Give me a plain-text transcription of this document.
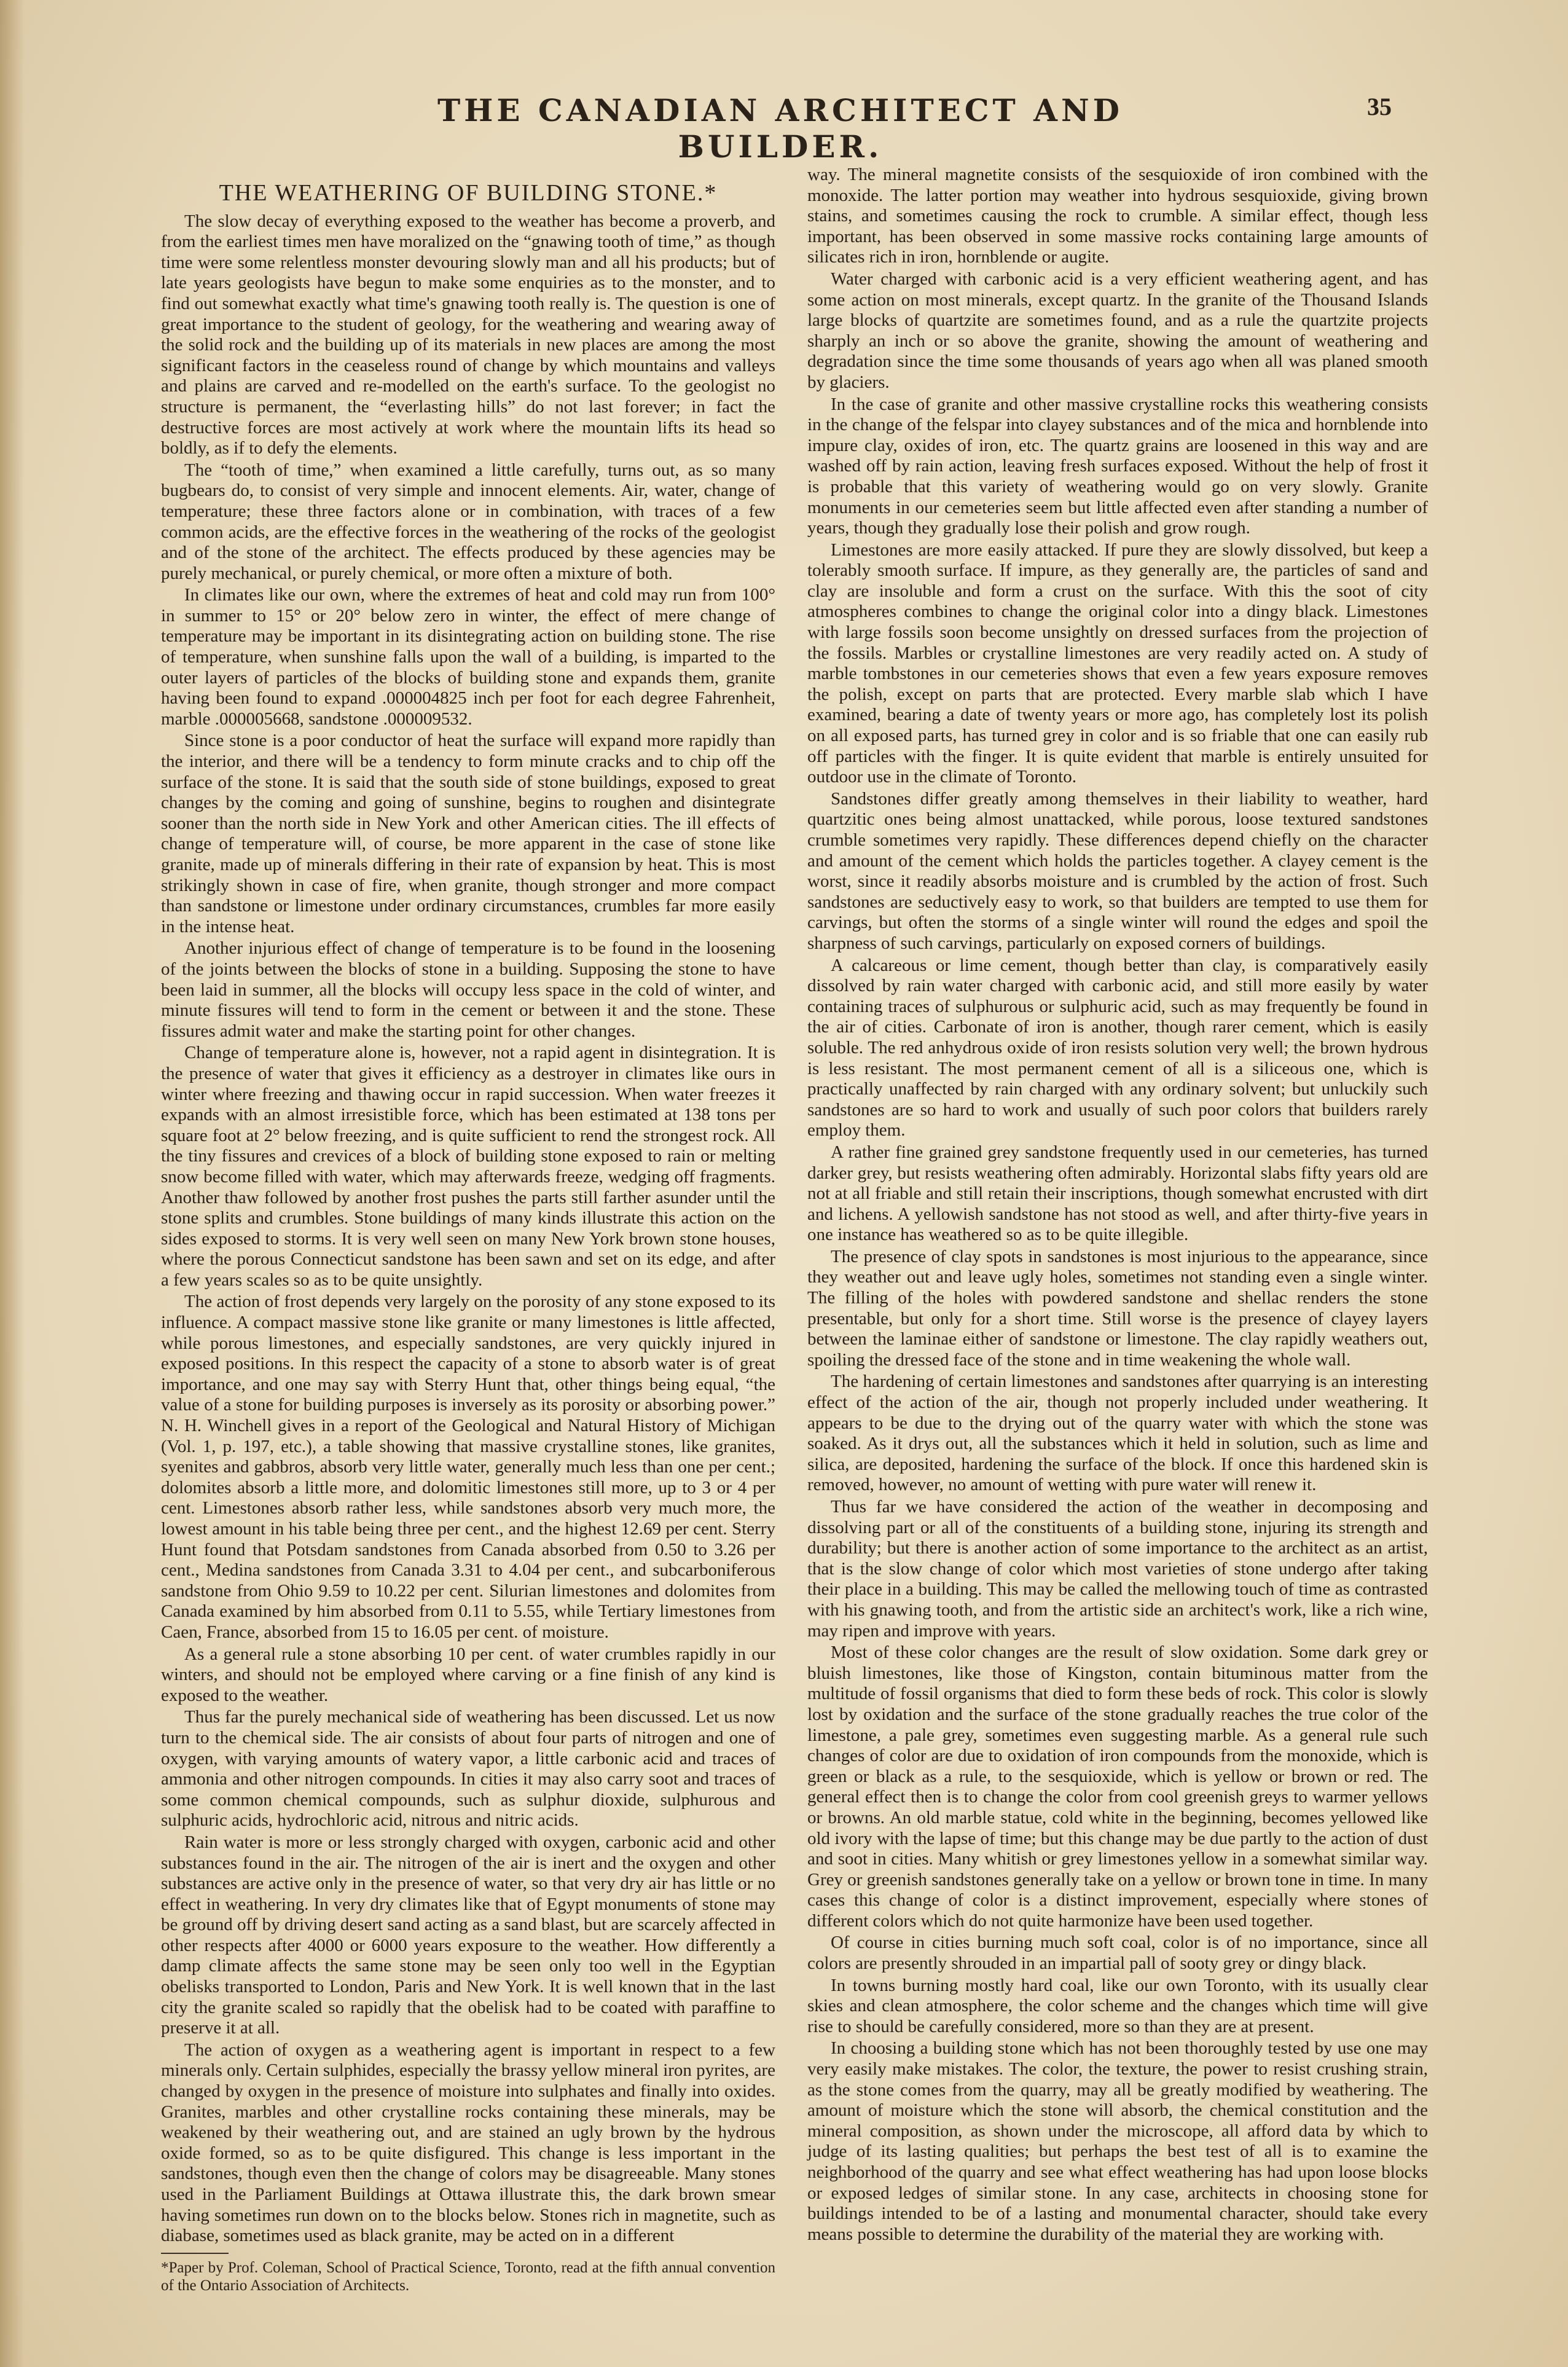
THE CANADIAN ARCHITECT AND BUILDER.
35
THE WEATHERING OF BUILDING STONE.*

The slow decay of everything exposed to the weather has become a proverb, and from the earliest times men have moralized on the “gnawing tooth of time,” as though time were some relentless monster devouring slowly man and all his products; but of late years geologists have begun to make some enquiries as to the monster, and to find out somewhat exactly what time's gnawing tooth really is. The question is one of great importance to the student of geology, for the weathering and wearing away of the solid rock and the building up of its materials in new places are among the most significant factors in the ceaseless round of change by which mountains and valleys and plains are carved and re-modelled on the earth's surface. To the geologist no structure is permanent, the “everlasting hills” do not last forever; in fact the destructive forces are most actively at work where the mountain lifts its head so boldly, as if to defy the elements.

The “tooth of time,” when examined a little carefully, turns out, as so many bugbears do, to consist of very simple and innocent elements. Air, water, change of temperature; these three factors alone or in combination, with traces of a few common acids, are the effective forces in the weathering of the rocks of the geologist and of the stone of the architect. The effects produced by these agencies may be purely mechanical, or purely chemical, or more often a mixture of both.

In climates like our own, where the extremes of heat and cold may run from 100° in summer to 15° or 20° below zero in winter, the effect of mere change of temperature may be important in its disintegrating action on building stone. The rise of temperature, when sunshine falls upon the wall of a building, is imparted to the outer layers of particles of the blocks of building stone and expands them, granite having been found to expand .000004825 inch per foot for each degree Fahrenheit, marble .000005668, sandstone .000009532.

Since stone is a poor conductor of heat the surface will expand more rapidly than the interior, and there will be a tendency to form minute cracks and to chip off the surface of the stone. It is said that the south side of stone buildings, exposed to great changes by the coming and going of sunshine, begins to roughen and disintegrate sooner than the north side in New York and other American cities. The ill effects of change of temperature will, of course, be more apparent in the case of stone like granite, made up of minerals differing in their rate of expansion by heat. This is most strikingly shown in case of fire, when granite, though stronger and more compact than sandstone or limestone under ordinary circumstances, crumbles far more easily in the intense heat.

Another injurious effect of change of temperature is to be found in the loosening of the joints between the blocks of stone in a building. Supposing the stone to have been laid in summer, all the blocks will occupy less space in the cold of winter, and minute fissures will tend to form in the cement or between it and the stone. These fissures admit water and make the starting point for other changes.

Change of temperature alone is, however, not a rapid agent in disintegration. It is the presence of water that gives it efficiency as a destroyer in climates like ours in winter where freezing and thawing occur in rapid succession. When water freezes it expands with an almost irresistible force, which has been estimated at 138 tons per square foot at 2° below freezing, and is quite sufficient to rend the strongest rock. All the tiny fissures and crevices of a block of building stone exposed to rain or melting snow become filled with water, which may afterwards freeze, wedging off fragments. Another thaw followed by another frost pushes the parts still farther asunder until the stone splits and crumbles. Stone buildings of many kinds illustrate this action on the sides exposed to storms. It is very well seen on many New York brown stone houses, where the porous Connecticut sandstone has been sawn and set on its edge, and after a few years scales so as to be quite unsightly.

The action of frost depends very largely on the porosity of any stone exposed to its influence. A compact massive stone like granite or many limestones is little affected, while porous limestones, and especially sandstones, are very quickly injured in exposed positions. In this respect the capacity of a stone to absorb water is of great importance, and one may say with Sterry Hunt that, other things being equal, “the value of a stone for building purposes is inversely as its porosity or absorbing power.” N. H. Winchell gives in a report of the Geological and Natural History of Michigan (Vol. 1, p. 197, etc.), a table showing that massive crystalline stones, like granites, syenites and gabbros, absorb very little water, generally much less than one per cent.; dolomites absorb a little more, and dolomitic limestones still more, up to 3 or 4 per cent. Limestones absorb rather less, while sandstones absorb very much more, the lowest amount in his table being three per cent., and the highest 12.69 per cent. Sterry Hunt found that Potsdam sandstones from Canada absorbed from 0.50 to 3.26 per cent., Medina sandstones from Canada 3.31 to 4.04 per cent., and subcarboniferous sandstone from Ohio 9.59 to 10.22 per cent. Silurian limestones and dolomites from Canada examined by him absorbed from 0.11 to 5.55, while Tertiary limestones from Caen, France, absorbed from 15 to 16.05 per cent. of moisture.

As a general rule a stone absorbing 10 per cent. of water crumbles rapidly in our winters, and should not be employed where carving or a fine finish of any kind is exposed to the weather.

Thus far the purely mechanical side of weathering has been discussed. Let us now turn to the chemical side. The air consists of about four parts of nitrogen and one of oxygen, with varying amounts of watery vapor, a little carbonic acid and traces of ammonia and other nitrogen compounds. In cities it may also carry soot and traces of some common chemical compounds, such as sulphur dioxide, sulphurous and sulphuric acids, hydrochloric acid, nitrous and nitric acids.

Rain water is more or less strongly charged with oxygen, carbonic acid and other substances found in the air. The nitrogen of the air is inert and the oxygen and other substances are active only in the presence of water, so that very dry air has little or no effect in weathering. In very dry climates like that of Egypt monuments of stone may be ground off by driving desert sand acting as a sand blast, but are scarcely affected in other respects after 4000 or 6000 years exposure to the weather. How differently a damp climate affects the same stone may be seen only too well in the Egyptian obelisks transported to London, Paris and New York. It is well known that in the last city the granite scaled so rapidly that the obelisk had to be coated with paraffine to preserve it at all.

The action of oxygen as a weathering agent is important in respect to a few minerals only. Certain sulphides, especially the brassy yellow mineral iron pyrites, are changed by oxygen in the presence of moisture into sulphates and finally into oxides. Granites, marbles and other crystalline rocks containing these minerals, may be weakened by their weathering out, and are stained an ugly brown by the hydrous oxide formed, so as to be quite disfigured. This change is less important in the sandstones, though even then the change of colors may be disagreeable. Many stones used in the Parliament Buildings at Ottawa illustrate this, the dark brown smear having sometimes run down on to the blocks below. Stones rich in magnetite, such as diabase, sometimes used as black granite, may be acted on in a different

*Paper by Prof. Coleman, School of Practical Science, Toronto, read at the fifth annual convention of the Ontario Association of Architects.

way. The mineral magnetite consists of the sesquioxide of iron combined with the monoxide. The latter portion may weather into hydrous sesquioxide, giving brown stains, and sometimes causing the rock to crumble. A similar effect, though less important, has been observed in some massive rocks containing large amounts of silicates rich in iron, hornblende or augite.

Water charged with carbonic acid is a very efficient weathering agent, and has some action on most minerals, except quartz. In the granite of the Thousand Islands large blocks of quartzite are sometimes found, and as a rule the quartzite projects sharply an inch or so above the granite, showing the amount of weathering and degradation since the time some thousands of years ago when all was planed smooth by glaciers.

In the case of granite and other massive crystalline rocks this weathering consists in the change of the felspar into clayey substances and of the mica and hornblende into impure clay, oxides of iron, etc. The quartz grains are loosened in this way and are washed off by rain action, leaving fresh surfaces exposed. Without the help of frost it is probable that this variety of weathering would go on very slowly. Granite monuments in our cemeteries seem but little affected even after standing a number of years, though they gradually lose their polish and grow rough.

Limestones are more easily attacked. If pure they are slowly dissolved, but keep a tolerably smooth surface. If impure, as they generally are, the particles of sand and clay are insoluble and form a crust on the surface. With this the soot of city atmospheres combines to change the original color into a dingy black. Limestones with large fossils soon become unsightly on dressed surfaces from the projection of the fossils. Marbles or crystalline limestones are very readily acted on. A study of marble tombstones in our cemeteries shows that even a few years exposure removes the polish, except on parts that are protected. Every marble slab which I have examined, bearing a date of twenty years or more ago, has completely lost its polish on all exposed parts, has turned grey in color and is so friable that one can easily rub off particles with the finger. It is quite evident that marble is entirely unsuited for outdoor use in the climate of Toronto.

Sandstones differ greatly among themselves in their liability to weather, hard quartzitic ones being almost unattacked, while porous, loose textured sandstones crumble sometimes very rapidly. These differences depend chiefly on the character and amount of the cement which holds the particles together. A clayey cement is the worst, since it readily absorbs moisture and is crumbled by the action of frost. Such sandstones are seductively easy to work, so that builders are tempted to use them for carvings, but often the storms of a single winter will round the edges and spoil the sharpness of such carvings, particularly on exposed corners of buildings.

A calcareous or lime cement, though better than clay, is comparatively easily dissolved by rain water charged with carbonic acid, and still more easily by water containing traces of sulphurous or sulphuric acid, such as may frequently be found in the air of cities. Carbonate of iron is another, though rarer cement, which is easily soluble. The red anhydrous oxide of iron resists solution very well; the brown hydrous is less resistant. The most permanent cement of all is a siliceous one, which is practically unaffected by rain charged with any ordinary solvent; but unluckily such sandstones are so hard to work and usually of such poor colors that builders rarely employ them.

A rather fine grained grey sandstone frequently used in our cemeteries, has turned darker grey, but resists weathering often admirably. Horizontal slabs fifty years old are not at all friable and still retain their inscriptions, though somewhat encrusted with dirt and lichens. A yellowish sandstone has not stood as well, and after thirty-five years in one instance has weathered so as to be quite illegible.

The presence of clay spots in sandstones is most injurious to the appearance, since they weather out and leave ugly holes, sometimes not standing even a single winter. The filling of the holes with powdered sandstone and shellac renders the stone presentable, but only for a short time. Still worse is the presence of clayey layers between the laminae either of sandstone or limestone. The clay rapidly weathers out, spoiling the dressed face of the stone and in time weakening the whole wall.

The hardening of certain limestones and sandstones after quarrying is an interesting effect of the action of the air, though not properly included under weathering. It appears to be due to the drying out of the quarry water with which the stone was soaked. As it drys out, all the substances which it held in solution, such as lime and silica, are deposited, hardening the surface of the block. If once this hardened skin is removed, however, no amount of wetting with pure water will renew it.

Thus far we have considered the action of the weather in decomposing and dissolving part or all of the constituents of a building stone, injuring its strength and durability; but there is another action of some importance to the architect as an artist, that is the slow change of color which most varieties of stone undergo after taking their place in a building. This may be called the mellowing touch of time as contrasted with his gnawing tooth, and from the artistic side an architect's work, like a rich wine, may ripen and improve with years.

Most of these color changes are the result of slow oxidation. Some dark grey or bluish limestones, like those of Kingston, contain bituminous matter from the multitude of fossil organisms that died to form these beds of rock. This color is slowly lost by oxidation and the surface of the stone gradually reaches the true color of the limestone, a pale grey, sometimes even suggesting marble. As a general rule such changes of color are due to oxidation of iron compounds from the monoxide, which is green or black as a rule, to the sesquioxide, which is yellow or brown or red. The general effect then is to change the color from cool greenish greys to warmer yellows or browns. An old marble statue, cold white in the beginning, becomes yellowed like old ivory with the lapse of time; but this change may be due partly to the action of dust and soot in cities. Many whitish or grey limestones yellow in a somewhat similar way. Grey or greenish sandstones generally take on a yellow or brown tone in time. In many cases this change of color is a distinct improvement, especially where stones of different colors which do not quite harmonize have been used together.

Of course in cities burning much soft coal, color is of no importance, since all colors are presently shrouded in an impartial pall of sooty grey or dingy black.

In towns burning mostly hard coal, like our own Toronto, with its usually clear skies and clean atmosphere, the color scheme and the changes which time will give rise to should be carefully considered, more so than they are at present.

In choosing a building stone which has not been thoroughly tested by use one may very easily make mistakes. The color, the texture, the power to resist crushing strain, as the stone comes from the quarry, may all be greatly modified by weathering. The amount of moisture which the stone will absorb, the chemical constitution and the mineral composition, as shown under the microscope, all afford data by which to judge of its lasting qualities; but perhaps the best test of all is to examine the neighborhood of the quarry and see what effect weathering has had upon loose blocks or exposed ledges of similar stone. In any case, architects in choosing stone for buildings intended to be of a lasting and monumental character, should take every means possible to determine the durability of the material they are working with.
